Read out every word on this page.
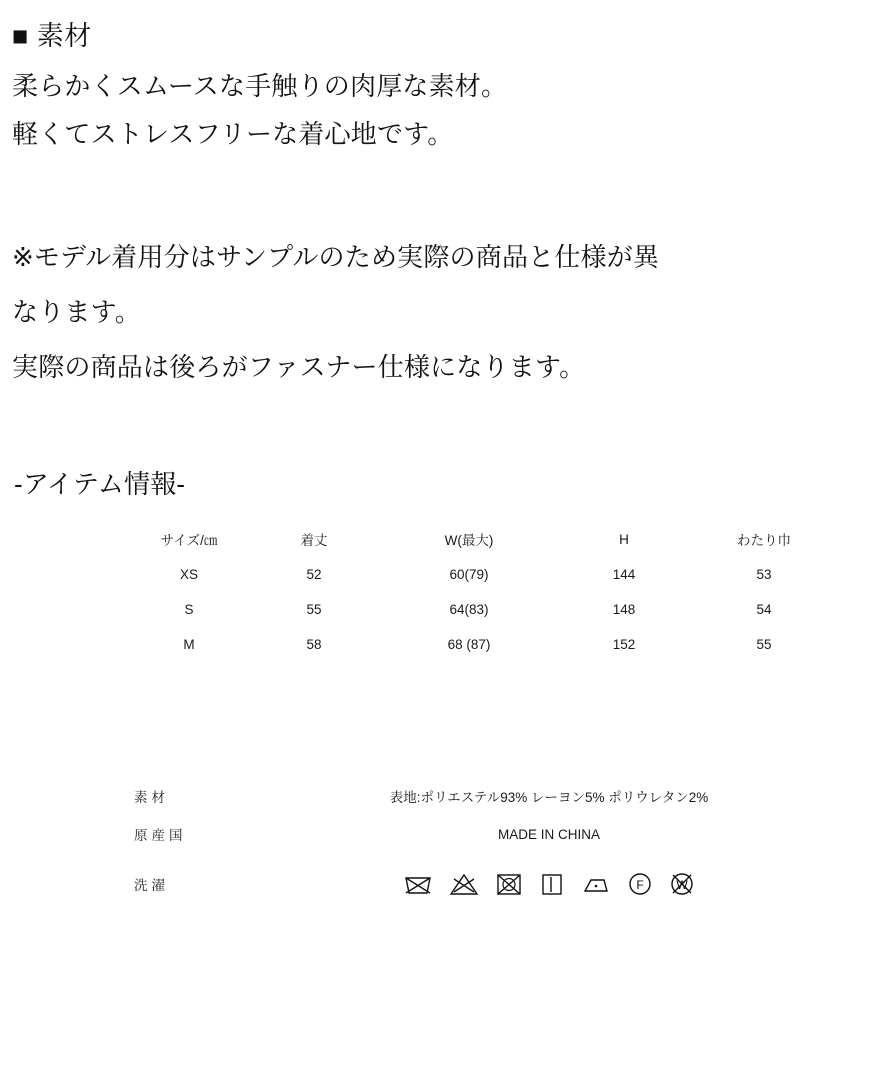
■ 素材
柔らかくスムースな手触りの肉厚な素材。
軽くてストレスフリーな着心地です。
※モデル着用分はサンプルのため実際の商品と仕様が異
なります。
実際の商品は後ろがファスナー仕様になります。
-アイテム情報-
サイズ/㎝	着丈	W(最大)	H	わたり巾
XS	52	60(79)	144	53
S	55	64(83)	148	54
M	58	68 (87)	152	55
素材	表地:ポリエステル93% レーヨン5% ポリウレタン2%
原産国	MADE IN CHINA
洗濯	F W
